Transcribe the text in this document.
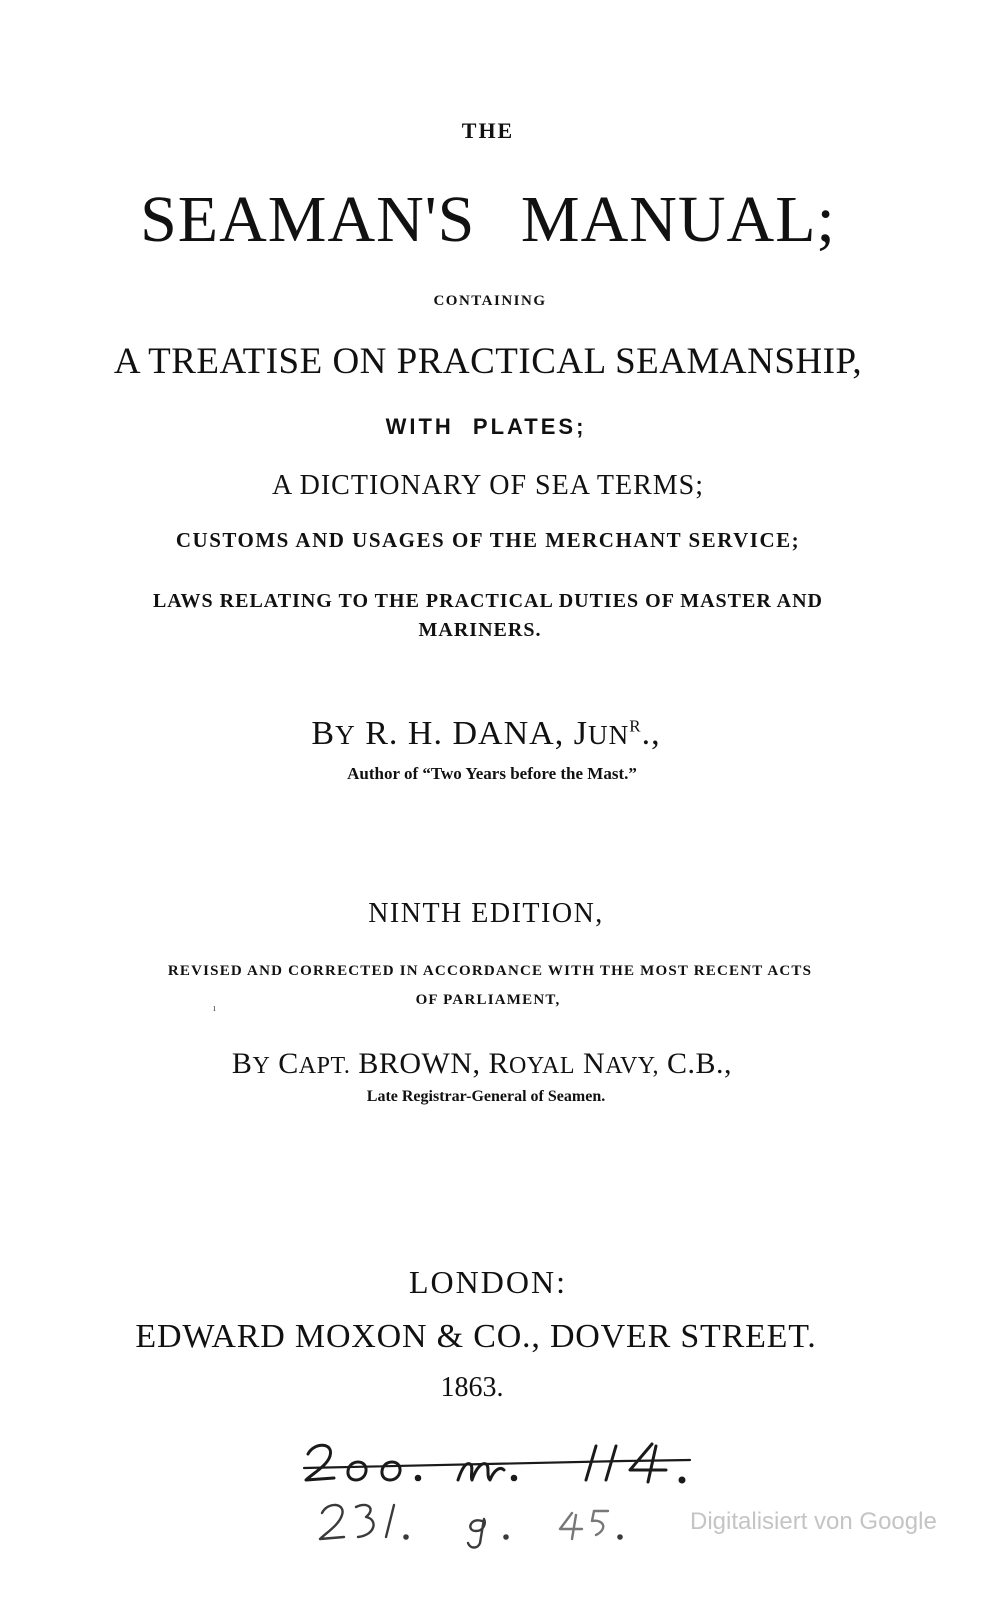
THE
SEAMAN'S MANUAL;
CONTAINING
A TREATISE ON PRACTICAL SEAMANSHIP,
WITH PLATES;
A DICTIONARY OF SEA TERMS;
CUSTOMS AND USAGES OF THE MERCHANT SERVICE;
LAWS RELATING TO THE PRACTICAL DUTIES OF MASTER AND
MARINERS.
BY R. H. DANA, $JUN^R$.,
Author of “Two Years before the Mast.”
NINTH EDITION,
REVISED AND CORRECTED IN ACCORDANCE WITH THE MOST RECENT ACTS
OF PARLIAMENT,
ı
BY CAPT. BROWN, ROYAL NAVY, C.B.,
Late Registrar-General of Seamen.
LONDON:
EDWARD MOXON & CO., DOVER STREET.
1863.
Digitalisiert von Google
